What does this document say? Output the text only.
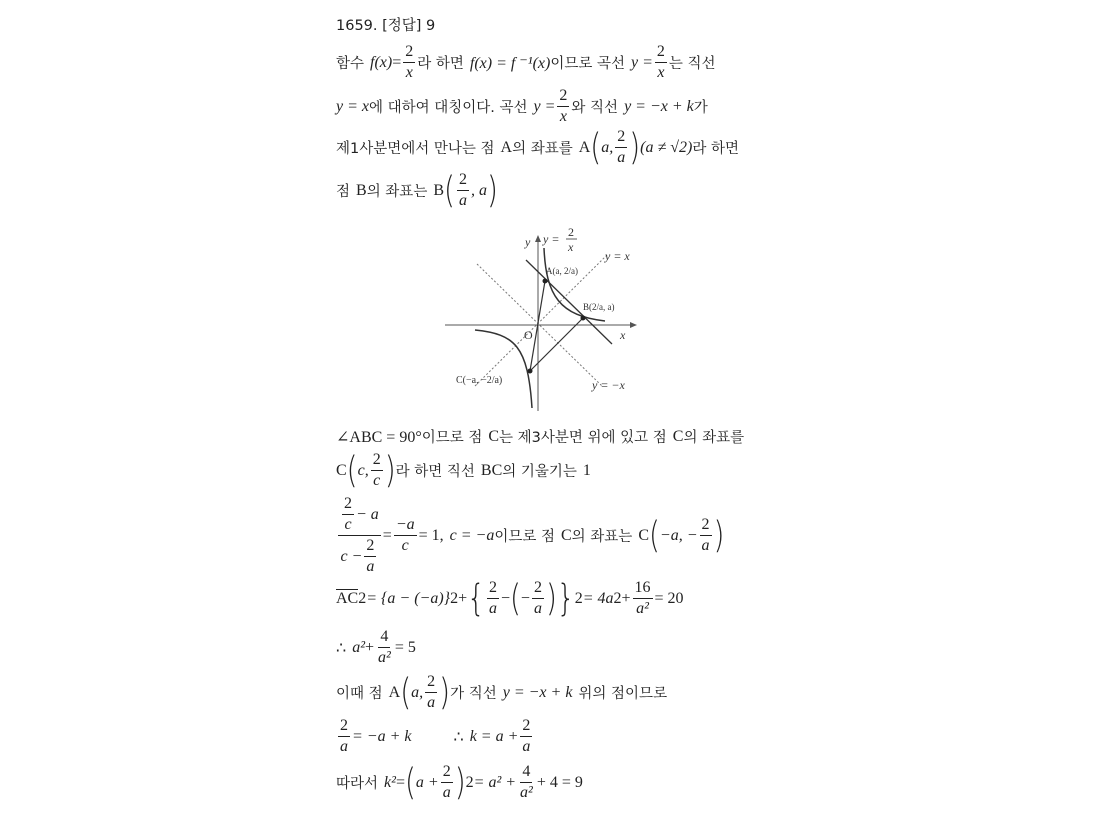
1659. [정답] 9
함수 $f(x) = \frac{2}{x}$ 라 하면 f(x) = f ⁻¹(x) 이므로 곡선 $y = \frac{2}{x}$ 는 직선
y = x 에 대하여 대칭이다. 곡선 $y = \frac{2}{x}$ 와 직선 y = −x + k 가
제1사분면에서 만나는 점 A 의 좌표를 A ( a, $\frac{2}{a}$ ) (a ≠ √2) 라 하면
점 B 의 좌표는 B ( $\frac{2}{a}$ , a )
y y = 2
x
y = x
y = −x
x
O
A(a, 2/a)
B(2/a, a)
C(−a, −2/a)
∠ABC = 90° 이므로 점 C 는 제3사분면 위에 있고 점 C 의 좌표를
C ( c, $\frac{2}{c}$ ) 라 하면 직선 BC 의 기울기는 1
$\frac{\frac{2}{c} - a}{c - \frac{2}{a}} = \frac{-a}{c} = 1$, c = −a 이므로 점 C 의 좌표는 C ( −a, − $\frac{2}{a}$ )
AC 2 = {a − (−a)} 2 + { $\frac{2}{a}$ − ( − $\frac{2}{a}$ ) } 2 = 4a $2 + \frac{16}{\text{a²}} = 20$
∴ $a^2 + \frac{4}{\text{a²}} = 5$
이때 점 A ( a, $\frac{2}{a}$ ) 가 직선 y = −x + k 위의 점이므로
$\frac{2}{a} = -a + k$	∴ $k = a + \frac{2}{a}$
따라서 k² = ( $a + \frac{2}{a}$ ) $2 = a^2 + \frac{4}{\text{a²}} + 4 = 9$
